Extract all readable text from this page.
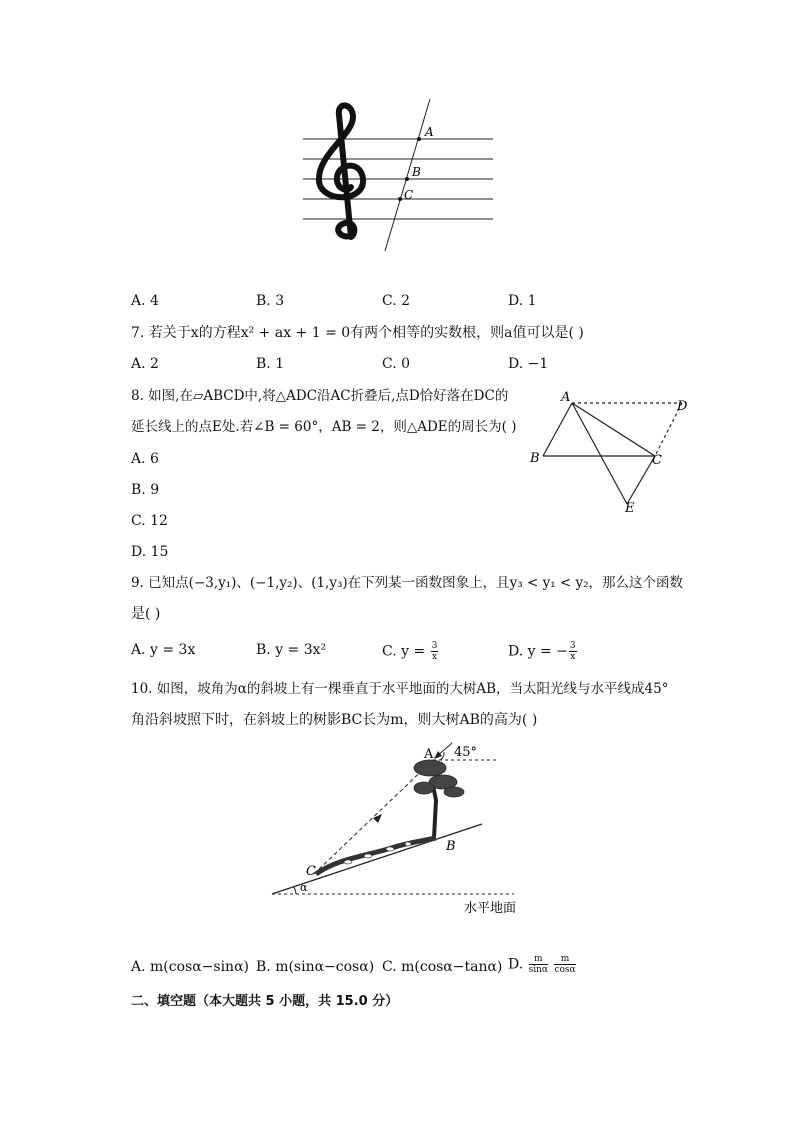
A
B
C
A. 4	B. 3	C. 2	D. 1
7. 若关于x的方程x² + ax + 1 = 0有两个相等的实数根，则a值可以是( )
A. 2	B. 1	C. 0	D. −1
8. 如图,在▱ABCD中,将△ADC沿AC折叠后,点D恰好落在DC的
延长线上的点E处.若∠B = 60°，AB = 2，则△ADE的周长为( )
A. 6
B. 9
C. 12
D. 15
A
D
B	C
E
9. 已知点(−3,y₁)、(−1,y₂)、(1,y₃)在下列某一函数图象上，且y₃ < y₁ < y₂，那么这个函数
是( )
A. y = 3x	B. y = 3x²	C. $y = \frac{3}{x}$	D. y = − $\frac{3}{x}$
10. 如图，坡角为α的斜坡上有一棵垂直于水平地面的大树AB，当太阳光线与水平线成45°
角沿斜坡照下时，在斜坡上的树影BC长为m，则大树AB的高为( )
A 45°
B
C
α
水平地面
A. m(cosα−sinα) B. m(sinα−cosα) C. m(cosα−tanα) D. $\frac{m}{\sin\alpha}$
$\frac{m}{\cos\alpha}$
二、填空题（本大题共 5 小题，共 15.0 分）
